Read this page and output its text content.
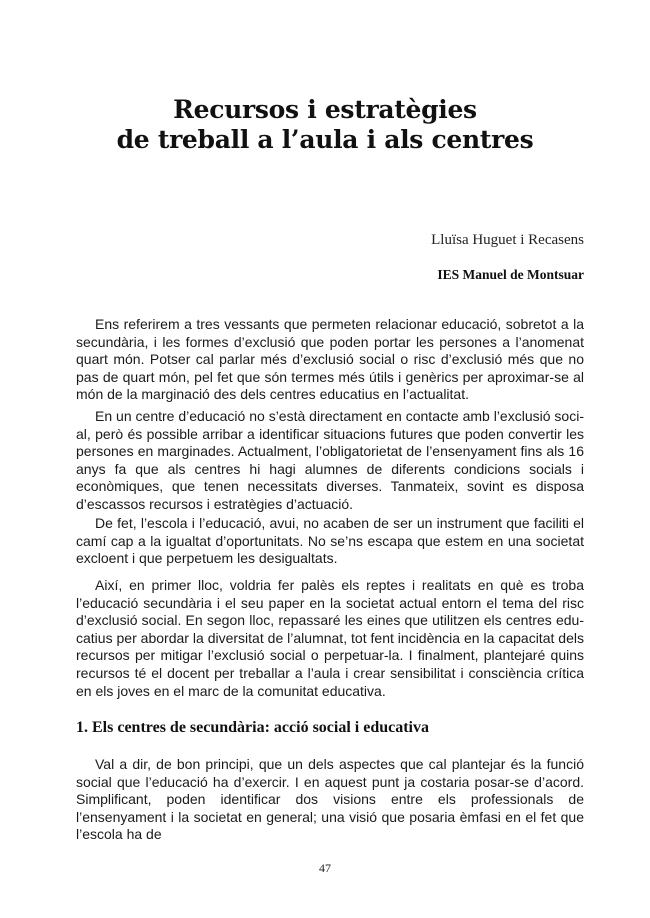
Recursos i estratègies
de treball a l’aula i als centres
Lluïsa Huguet i Recasens
IES Manuel de Montsuar

Ens referirem a tres vessants que permeten relacionar educació, sobretot a la secundària, i les formes d’exclusió que poden portar les persones a l’anomenat quart món. Potser cal parlar més d’exclusió social o risc d’exclusió més que no pas de quart món, pel fet que són termes més útils i genèrics per aproximar-se al món de la marginació des dels centres educatius en l’actualitat.

En un centre d’educació no s’està directament en contacte amb l’exclusió social, però és possible arribar a identificar situacions futures que poden convertir les persones en marginades. Actualment, l’obligatorietat de l’ensenyament fins als 16 anys fa que als centres hi hagi alumnes de diferents condicions socials i econòmiques, que tenen necessitats diverses. Tanmateix, sovint es disposa d’escassos recursos i estratègies d’actuació.

De fet, l’escola i l’educació, avui, no acaben de ser un instrument que faciliti el camí cap a la igualtat d’oportunitats. No se’ns escapa que estem en una societat excloent i que perpetuem les desigualtats.

Així, en primer lloc, voldria fer palès els reptes i realitats en què es troba l’educació secundària i el seu paper en la societat actual entorn el tema del risc d’exclusió social. En segon lloc, repassaré les eines que utilitzen els centres educatius per abordar la diversitat de l’alumnat, tot fent incidència en la capacitat dels recursos per mitigar l’exclusió social o perpetuar-la. I finalment, plantejaré quins recursos té el docent per treballar a l’aula i crear sensibilitat i consciència crítica en els joves en el marc de la comunitat educativa.

1. Els centres de secundària: acció social i educativa

Val a dir, de bon principi, que un dels aspectes que cal plantejar és la funció social que l’educació ha d’exercir. I en aquest punt ja costaria posar-se d’acord. Simplificant, poden identificar dos visions entre els professionals de l’ensenyament i la societat en general; una visió que posaria èmfasi en el fet que l’escola ha de

47
